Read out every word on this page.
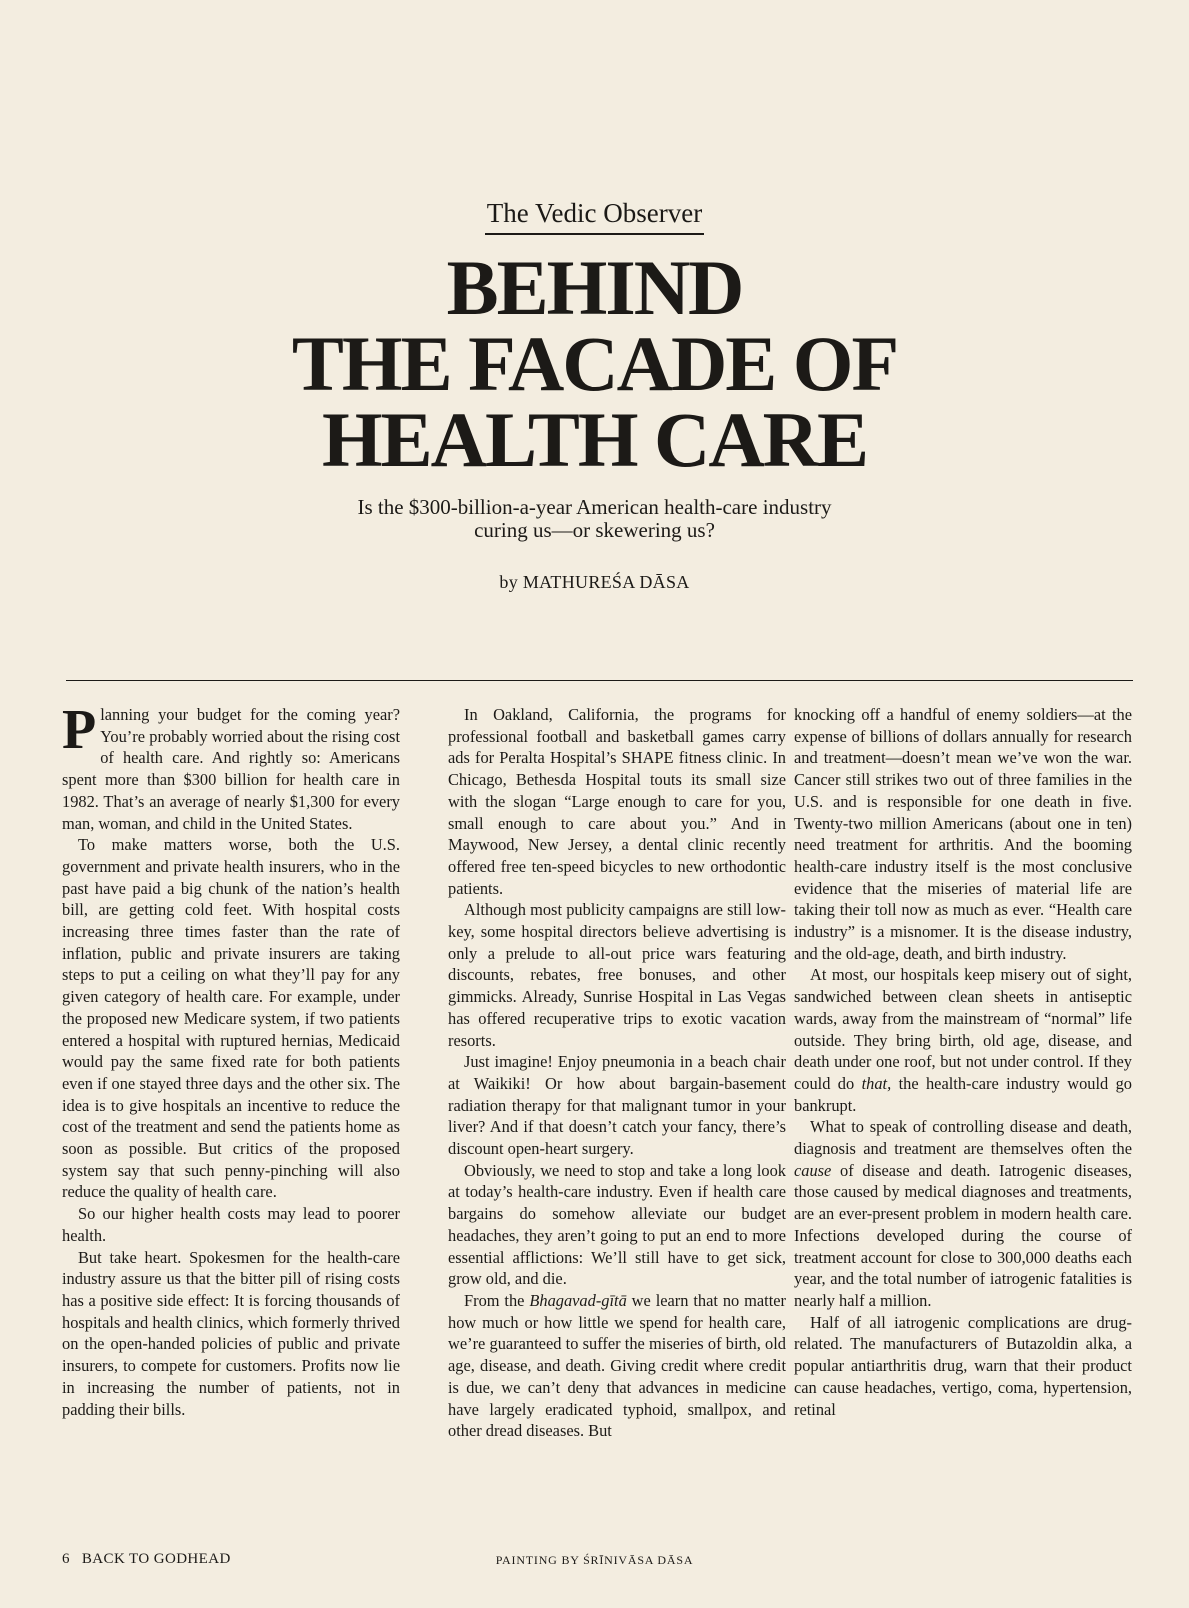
The Vedic Observer
BEHIND
THE FACADE OF
HEALTH CARE
Is the $300-billion-a-year American health-care industry
curing us—or skewering us?
by MATHUREŚA DĀSA

Planning your budget for the coming year? You’re probably worried about the rising cost of health care. And rightly so: Americans spent more than $300 billion for health care in 1982. That’s an average of nearly $1,300 for every man, woman, and child in the United States.

To make matters worse, both the U.S. government and private health insurers, who in the past have paid a big chunk of the nation’s health bill, are getting cold feet. With hospital costs increasing three times faster than the rate of inflation, public and private insurers are taking steps to put a ceiling on what they’ll pay for any given category of health care. For example, under the proposed new Medicare system, if two patients entered a hospital with ruptured hernias, Medicaid would pay the same fixed rate for both patients even if one stayed three days and the other six. The idea is to give hospitals an incentive to reduce the cost of the treatment and send the patients home as soon as possible. But critics of the proposed system say that such penny-pinching will also reduce the quality of health care.

So our higher health costs may lead to poorer health.

But take heart. Spokesmen for the health-care industry assure us that the bitter pill of rising costs has a positive side effect: It is forcing thousands of hospitals and health clinics, which formerly thrived on the open-handed policies of public and private insurers, to compete for customers. Profits now lie in increasing the number of patients, not in padding their bills.

In Oakland, California, the programs for professional football and basketball games carry ads for Peralta Hospital’s SHAPE fitness clinic. In Chicago, Bethesda Hospital touts its small size with the slogan “Large enough to care for you, small enough to care about you.” And in Maywood, New Jersey, a dental clinic recently offered free ten-speed bicycles to new orthodontic patients.

Although most publicity campaigns are still low-key, some hospital directors believe advertising is only a prelude to all-out price wars featuring discounts, rebates, free bonuses, and other gimmicks. Already, Sunrise Hospital in Las Vegas has offered recuperative trips to exotic vacation resorts.

Just imagine! Enjoy pneumonia in a beach chair at Waikiki! Or how about bargain-basement radiation therapy for that malignant tumor in your liver? And if that doesn’t catch your fancy, there’s discount open-heart surgery.

Obviously, we need to stop and take a long look at today’s health-care industry. Even if health care bargains do somehow alleviate our budget headaches, they aren’t going to put an end to more essential afflictions: We’ll still have to get sick, grow old, and die.

From the Bhagavad-gītā we learn that no matter how much or how little we spend for health care, we’re guaranteed to suffer the miseries of birth, old age, disease, and death. Giving credit where credit is due, we can’t deny that advances in medicine have largely eradicated typhoid, smallpox, and other dread diseases. But

knocking off a handful of enemy soldiers—at the expense of billions of dollars annually for research and treatment—doesn’t mean we’ve won the war. Cancer still strikes two out of three families in the U.S. and is responsible for one death in five. Twenty-two million Americans (about one in ten) need treatment for arthritis. And the booming health-care industry itself is the most conclusive evidence that the miseries of material life are taking their toll now as much as ever. “Health care industry” is a misnomer. It is the disease industry, and the old-age, death, and birth industry.

At most, our hospitals keep misery out of sight, sandwiched between clean sheets in antiseptic wards, away from the mainstream of “normal” life outside. They bring birth, old age, disease, and death under one roof, but not under control. If they could do that, the health-care industry would go bankrupt.

What to speak of controlling disease and death, diagnosis and treatment are themselves often the cause of disease and death. Iatrogenic diseases, those caused by medical diagnoses and treatments, are an ever-present problem in modern health care. Infections developed during the course of treatment account for close to 300,000 deaths each year, and the total number of iatrogenic fatalities is nearly half a million.

Half of all iatrogenic complications are drug-related. The manufacturers of Butazoldin alka, a popular antiarthritis drug, warn that their product can cause headaches, vertigo, coma, hypertension, retinal

6 BACK TO GODHEAD	PAINTING BY ŚRĪNIVĀSA DĀSA
